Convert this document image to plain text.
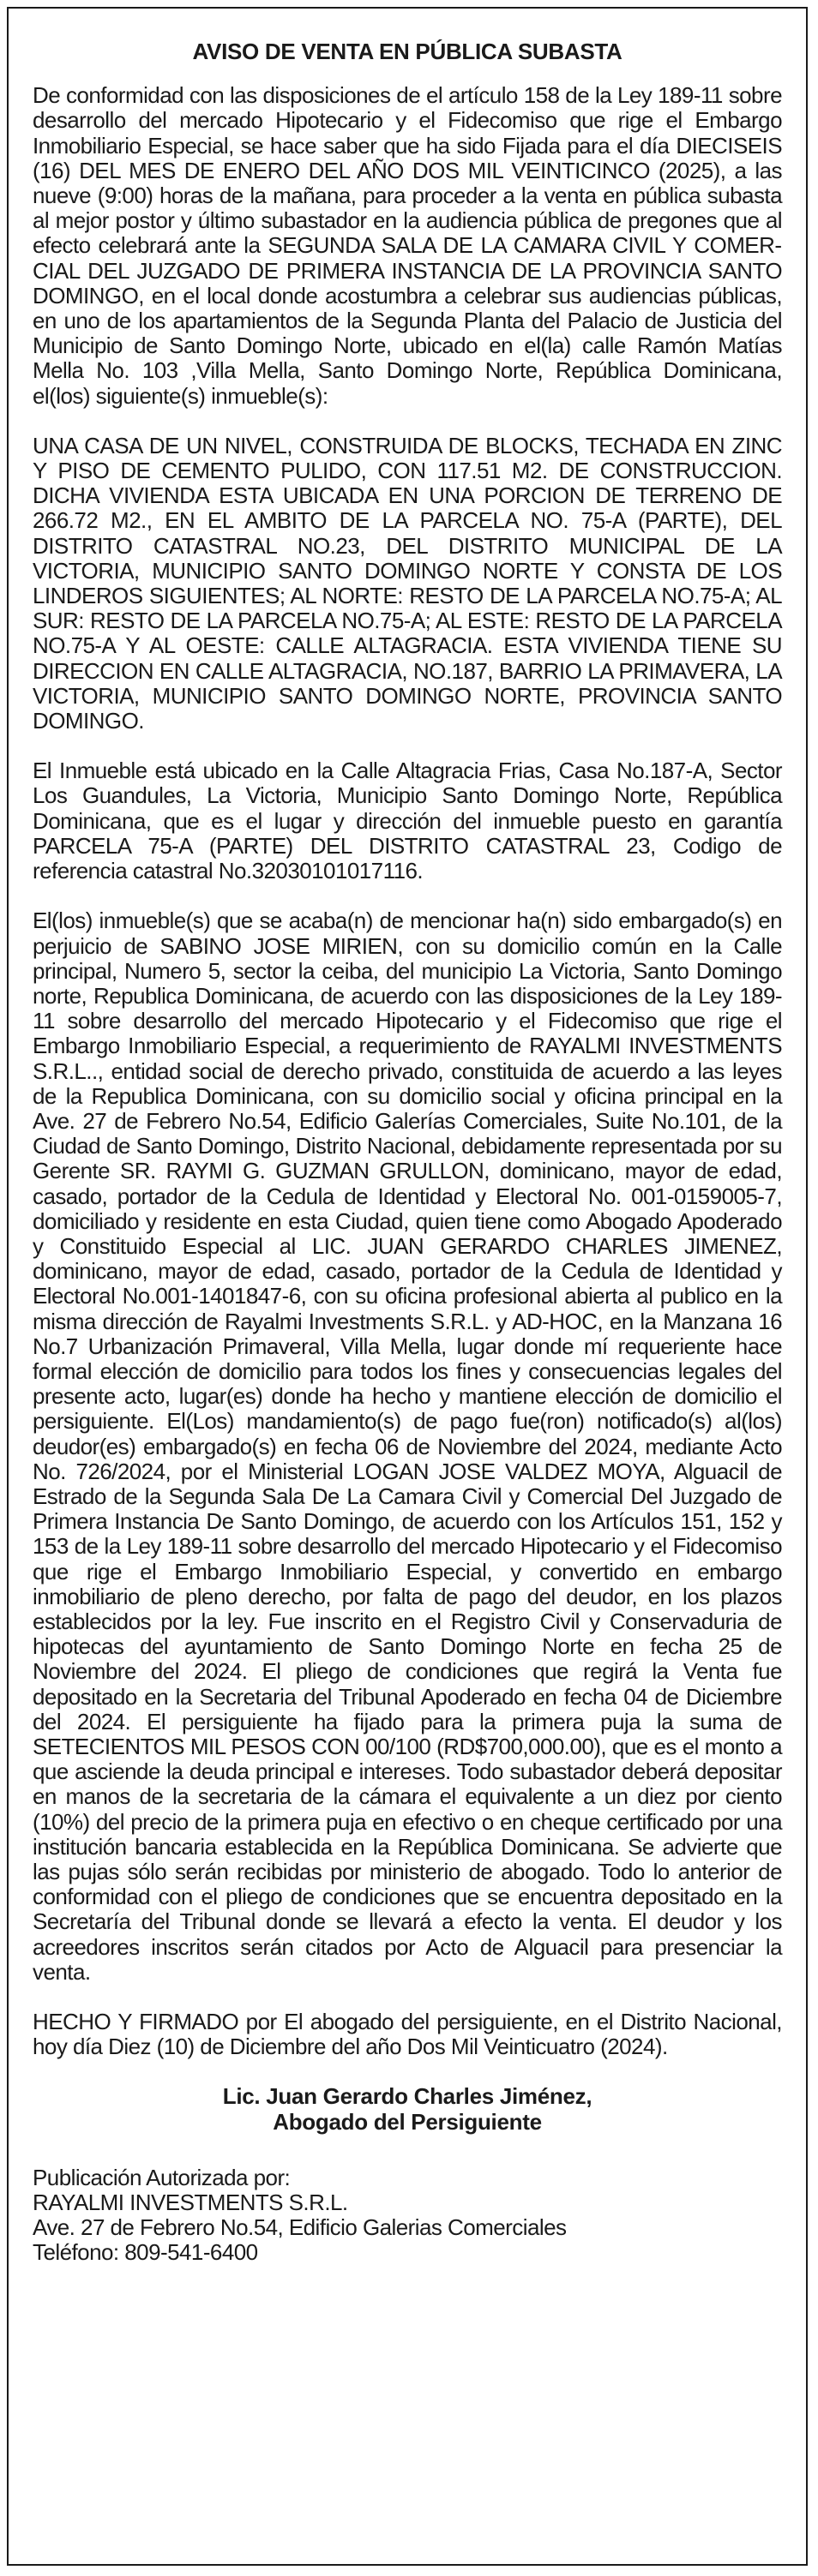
AVISO DE VENTA EN PÚBLICA SUBASTA

De conformidad con las disposiciones de el artículo 158 de la Ley 189-11 sobre desarrollo del mercado Hipotecario y el Fidecomiso que rige el Embargo Inmobiliario Especial, se hace saber que ha sido Fijada para el día DIECISEIS (16) DEL MES DE ENERO DEL AÑO DOS MIL VEINTICINCO (2025), a las nueve (9:00) horas de la mañana, para proceder a la venta en pública subasta al mejor postor y último subastador en la audiencia pública de pregones que al efecto celebrará ante la SEGUNDA SALA DE LA CAMARA CIVIL Y COMERCIAL DEL JUZGADO DE PRIMERA INSTANCIA DE LA PROVINCIA SANTO DOMINGO, en el local donde acostumbra a celebrar sus audiencias públicas, en uno de los apartamientos de la Segunda Planta del Palacio de Justicia del Municipio de Santo Domingo Norte, ubicado en el(la) calle Ramón Matías Mella No. 103 ,Villa Mella, Santo Domingo Norte, República Dominicana, el(los) siguiente(s) inmueble(s):

UNA CASA DE UN NIVEL, CONSTRUIDA DE BLOCKS, TECHADA EN ZINC Y PISO DE CEMENTO PULIDO, CON 117.51 M2. DE CONSTRUCCION. DICHA VIVIENDA ESTA UBICADA EN UNA PORCION DE TERRENO DE 266.72 M2., EN EL AMBITO DE LA PARCELA NO. 75-A (PARTE), DEL DISTRITO CATASTRAL NO.23, DEL DISTRITO MUNICIPAL DE LA VICTORIA, MUNICIPIO SANTO DOMINGO NORTE Y CONSTA DE LOS LINDEROS SIGUIENTES; AL NORTE: RESTO DE LA PARCELA NO.75-A; AL SUR: RESTO DE LA PARCELA NO.75-A; AL ESTE: RESTO DE LA PARCELA NO.75-A Y AL OESTE: CALLE ALTAGRACIA. ESTA VIVIENDA TIENE SU DIRECCION EN CALLE ALTAGRACIA, NO.187, BARRIO LA PRIMAVERA, LA VICTORIA, MUNICIPIO SANTO DOMINGO NORTE, PROVINCIA SANTO DOMINGO.

El Inmueble está ubicado en la Calle Altagracia Frias, Casa No.187-A, Sector Los Guandules, La Victoria, Municipio Santo Domingo Norte, República Dominicana, que es el lugar y dirección del inmueble puesto en garantía PARCELA 75-A (PARTE) DEL DISTRITO CATASTRAL 23, Codigo de referencia catastral No.32030101017116.

El(los) inmueble(s) que se acaba(n) de mencionar ha(n) sido embargado(s) en perjuicio de SABINO JOSE MIRIEN, con su domicilio común en la Calle principal, Numero 5, sector la ceiba, del municipio La Victoria, Santo Domingo norte, Republica Dominicana, de acuerdo con las disposiciones de la Ley 189-11 sobre desarrollo del mercado Hipotecario y el Fidecomiso que rige el Embargo Inmobiliario Especial, a requerimiento de RAYALMI INVESTMENTS S.R.L.., entidad social de derecho privado, constituida de acuerdo a las leyes de la Republica Dominicana, con su domicilio social y oficina principal en la Ave. 27 de Febrero No.54, Edificio Galerías Comerciales, Suite No.101, de la Ciudad de Santo Domingo, Distrito Nacional, debidamente representada por su Gerente SR. RAYMI G. GUZMAN GRULLON, dominicano, mayor de edad, casado, portador de la Cedula de Identidad y Electoral No. 001-0159005-7, domiciliado y residente en esta Ciudad, quien tiene como Abogado Apoderado y Constituido Especial al LIC. JUAN GERARDO CHARLES JIMENEZ, dominicano, mayor de edad, casado, portador de la Cedula de Identidad y Electoral No.001-1401847-6, con su oficina profesional abierta al publico en la misma dirección de Rayalmi Investments S.R.L. y AD-HOC, en la Manzana 16 No.7 Urbanización Primaveral, Villa Mella, lugar donde mí requeriente hace formal elección de domicilio para todos los fines y consecuencias legales del presente acto, lugar(es) donde ha hecho y mantiene elección de domicilio el persiguiente. El(Los) mandamiento(s) de pago fue(ron) notificado(s) al(los) deudor(es) embargado(s) en fecha 06 de Noviembre del 2024, mediante Acto No. 726/2024, por el Ministerial LOGAN JOSE VALDEZ MOYA, Alguacil de Estrado de la Segunda Sala De La Camara Civil y Comercial Del Juzgado de Primera Instancia De Santo Domingo, de acuerdo con los Artículos 151, 152 y 153 de la Ley 189-11 sobre desarrollo del mercado Hipotecario y el Fidecomiso que rige el Embargo Inmobiliario Especial, y convertido en embargo inmobiliario de pleno derecho, por falta de pago del deudor, en los plazos establecidos por la ley. Fue inscrito en el Registro Civil y Conservaduria de hipotecas del ayuntamiento de Santo Domingo Norte en fecha 25 de Noviembre del 2024. El pliego de condiciones que regirá la Venta fue depositado en la Secretaria del Tribunal Apoderado en fecha 04 de Diciembre del 2024. El persiguiente ha fijado para la primera puja la suma de SETECIENTOS MIL PESOS CON 00/100 (RD$700,000.00), que es el monto a que asciende la deuda principal e intereses. Todo subastador deberá depositar en manos de la secretaria de la cámara el equivalente a un diez por ciento (10%) del precio de la primera puja en efectivo o en cheque certificado por una institución bancaria establecida en la República Dominicana. Se advierte que las pujas sólo serán recibidas por ministerio de abogado. Todo lo anterior de conformidad con el pliego de condiciones que se encuentra depositado en la Secretaría del Tribunal donde se llevará a efecto la venta. El deudor y los acreedores inscritos serán citados por Acto de Alguacil para presenciar la venta.

HECHO Y FIRMADO por El abogado del persiguiente, en el Distrito Nacional, hoy día Diez (10) de Diciembre del año Dos Mil Veinticuatro (2024).

Lic. Juan Gerardo Charles Jiménez,
Abogado del Persiguiente
Publicación Autorizada por:
RAYALMI INVESTMENTS S.R.L.
Ave. 27 de Febrero No.54, Edificio Galerias Comerciales
Teléfono: 809-541-6400
